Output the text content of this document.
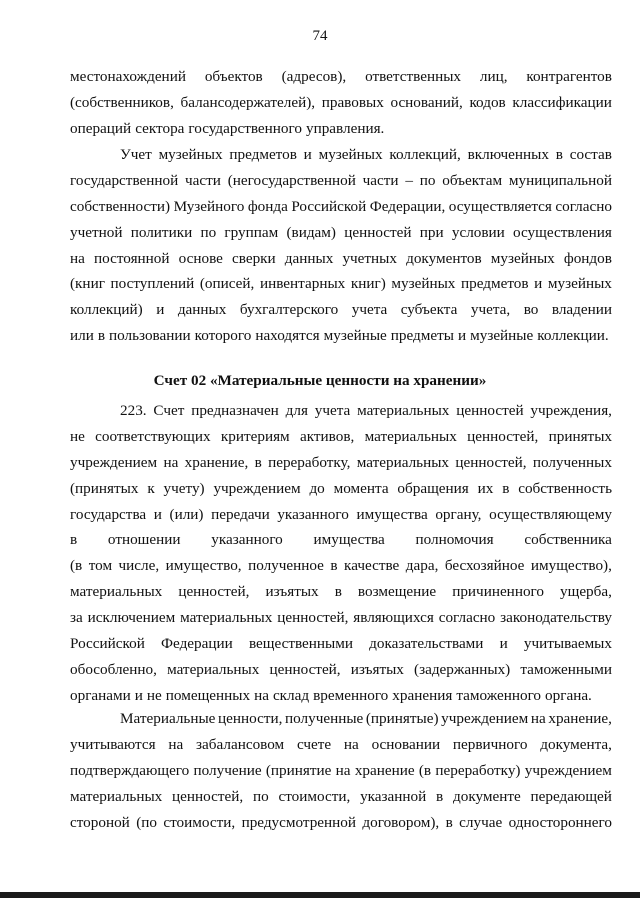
74
местонахождений объектов (адресов), ответственных лиц, контрагентов
(собственников, балансодержателей), правовых оснований, кодов классификации
операций сектора государственного управления.
Учет музейных предметов и музейных коллекций, включенных в состав
государственной части (негосударственной части – по объектам муниципальной
собственности) Музейного фонда Российской Федерации, осуществляется согласно
учетной политики по группам (видам) ценностей при условии осуществления
на постоянной основе сверки данных учетных документов музейных фондов
(книг поступлений (описей, инвентарных книг) музейных предметов и музейных
коллекций) и данных бухгалтерского учета субъекта учета, во владении
или в пользовании которого находятся музейные предметы и музейные коллекции.
Счет 02 «Материальные ценности на хранении»
223. Счет предназначен для учета материальных ценностей учреждения,
не соответствующих критериям активов, материальных ценностей, принятых
учреждением на хранение, в переработку, материальных ценностей, полученных
(принятых к учету) учреждением до момента обращения их в собственность
государства и (или) передачи указанного имущества органу, осуществляющему
в отношении указанного имущества полномочия собственника
(в том числе, имущество, полученное в качестве дара, бесхозяйное имущество),
материальных ценностей, изъятых в возмещение причиненного ущерба,
за исключением материальных ценностей, являющихся согласно законодательству
Российской Федерации вещественными доказательствами и учитываемых
обособленно, материальных ценностей, изъятых (задержанных) таможенными
органами и не помещенных на склад временного хранения таможенного органа.
Материальные ценности, полученные (принятые) учреждением на хранение,
учитываются на забалансовом счете на основании первичного документа,
подтверждающего получение (принятие на хранение (в переработку) учреждением
материальных ценностей, по стоимости, указанной в документе передающей
стороной (по стоимости, предусмотренной договором), в случае одностороннего
